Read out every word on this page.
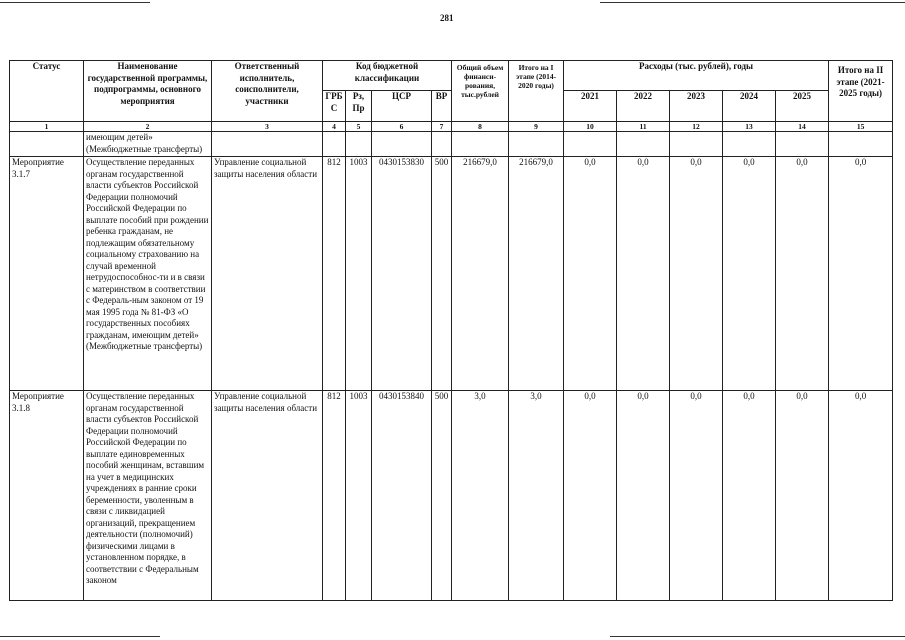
281
Статус	Наименование государственной программы, подпрограммы, основного мероприятия	Ответственный исполнитель, соисполнители, участники	Код бюджетной классификации				Общий объем финанси-рования, тыс.рублей	Итого на I этапе (2014-2020 годы)	Расходы (тыс. рублей), годы					Итого на II этапе (2021-2025 годы)
			ГРБ С	Рз, Пр	ЦСР	ВР			2021	2022	2023	2024	2025	
1	2	3	4	5	6	7	8	9	10	11	12	13	14	15
	имеющим детей» (Межбюджетные трансферты)													
Мероприятие 3.1.7	Осуществление переданных органам государственной власти субъектов Российской Федерации полномочий Российской Федерации по выплате пособий при рождении ребенка гражданам, не подлежащим обязательному социальному страхованию на случай временной нетрудоспособнос-ти и в связи с материнством в соответствии с Федераль-ным законом от 19 мая 1995 года № 81-ФЗ «О государственных пособиях гражданам, имеющим детей» (Межбюджетные трансферты)	Управление социальной защиты населения области	812	1003	0430153830	500	216679,0	216679,0	0,0	0,0	0,0	0,0	0,0	0,0
Мероприятие 3.1.8	Осуществление переданных органам государственной власти субъектов Российской Федерации полномочий Российской Федерации по выплате единовременных пособий женщинам, вставшим на учет в медицинских учреждениях в ранние сроки беременности, уволенным в связи с ликвидацией организаций, прекращением деятельности (полномочий) физическими лицами в установленном порядке, в соответствии с Федеральным законом	Управление социальной защиты населения области	812	1003	0430153840	500	3,0	3,0	0,0	0,0	0,0	0,0	0,0	0,0
